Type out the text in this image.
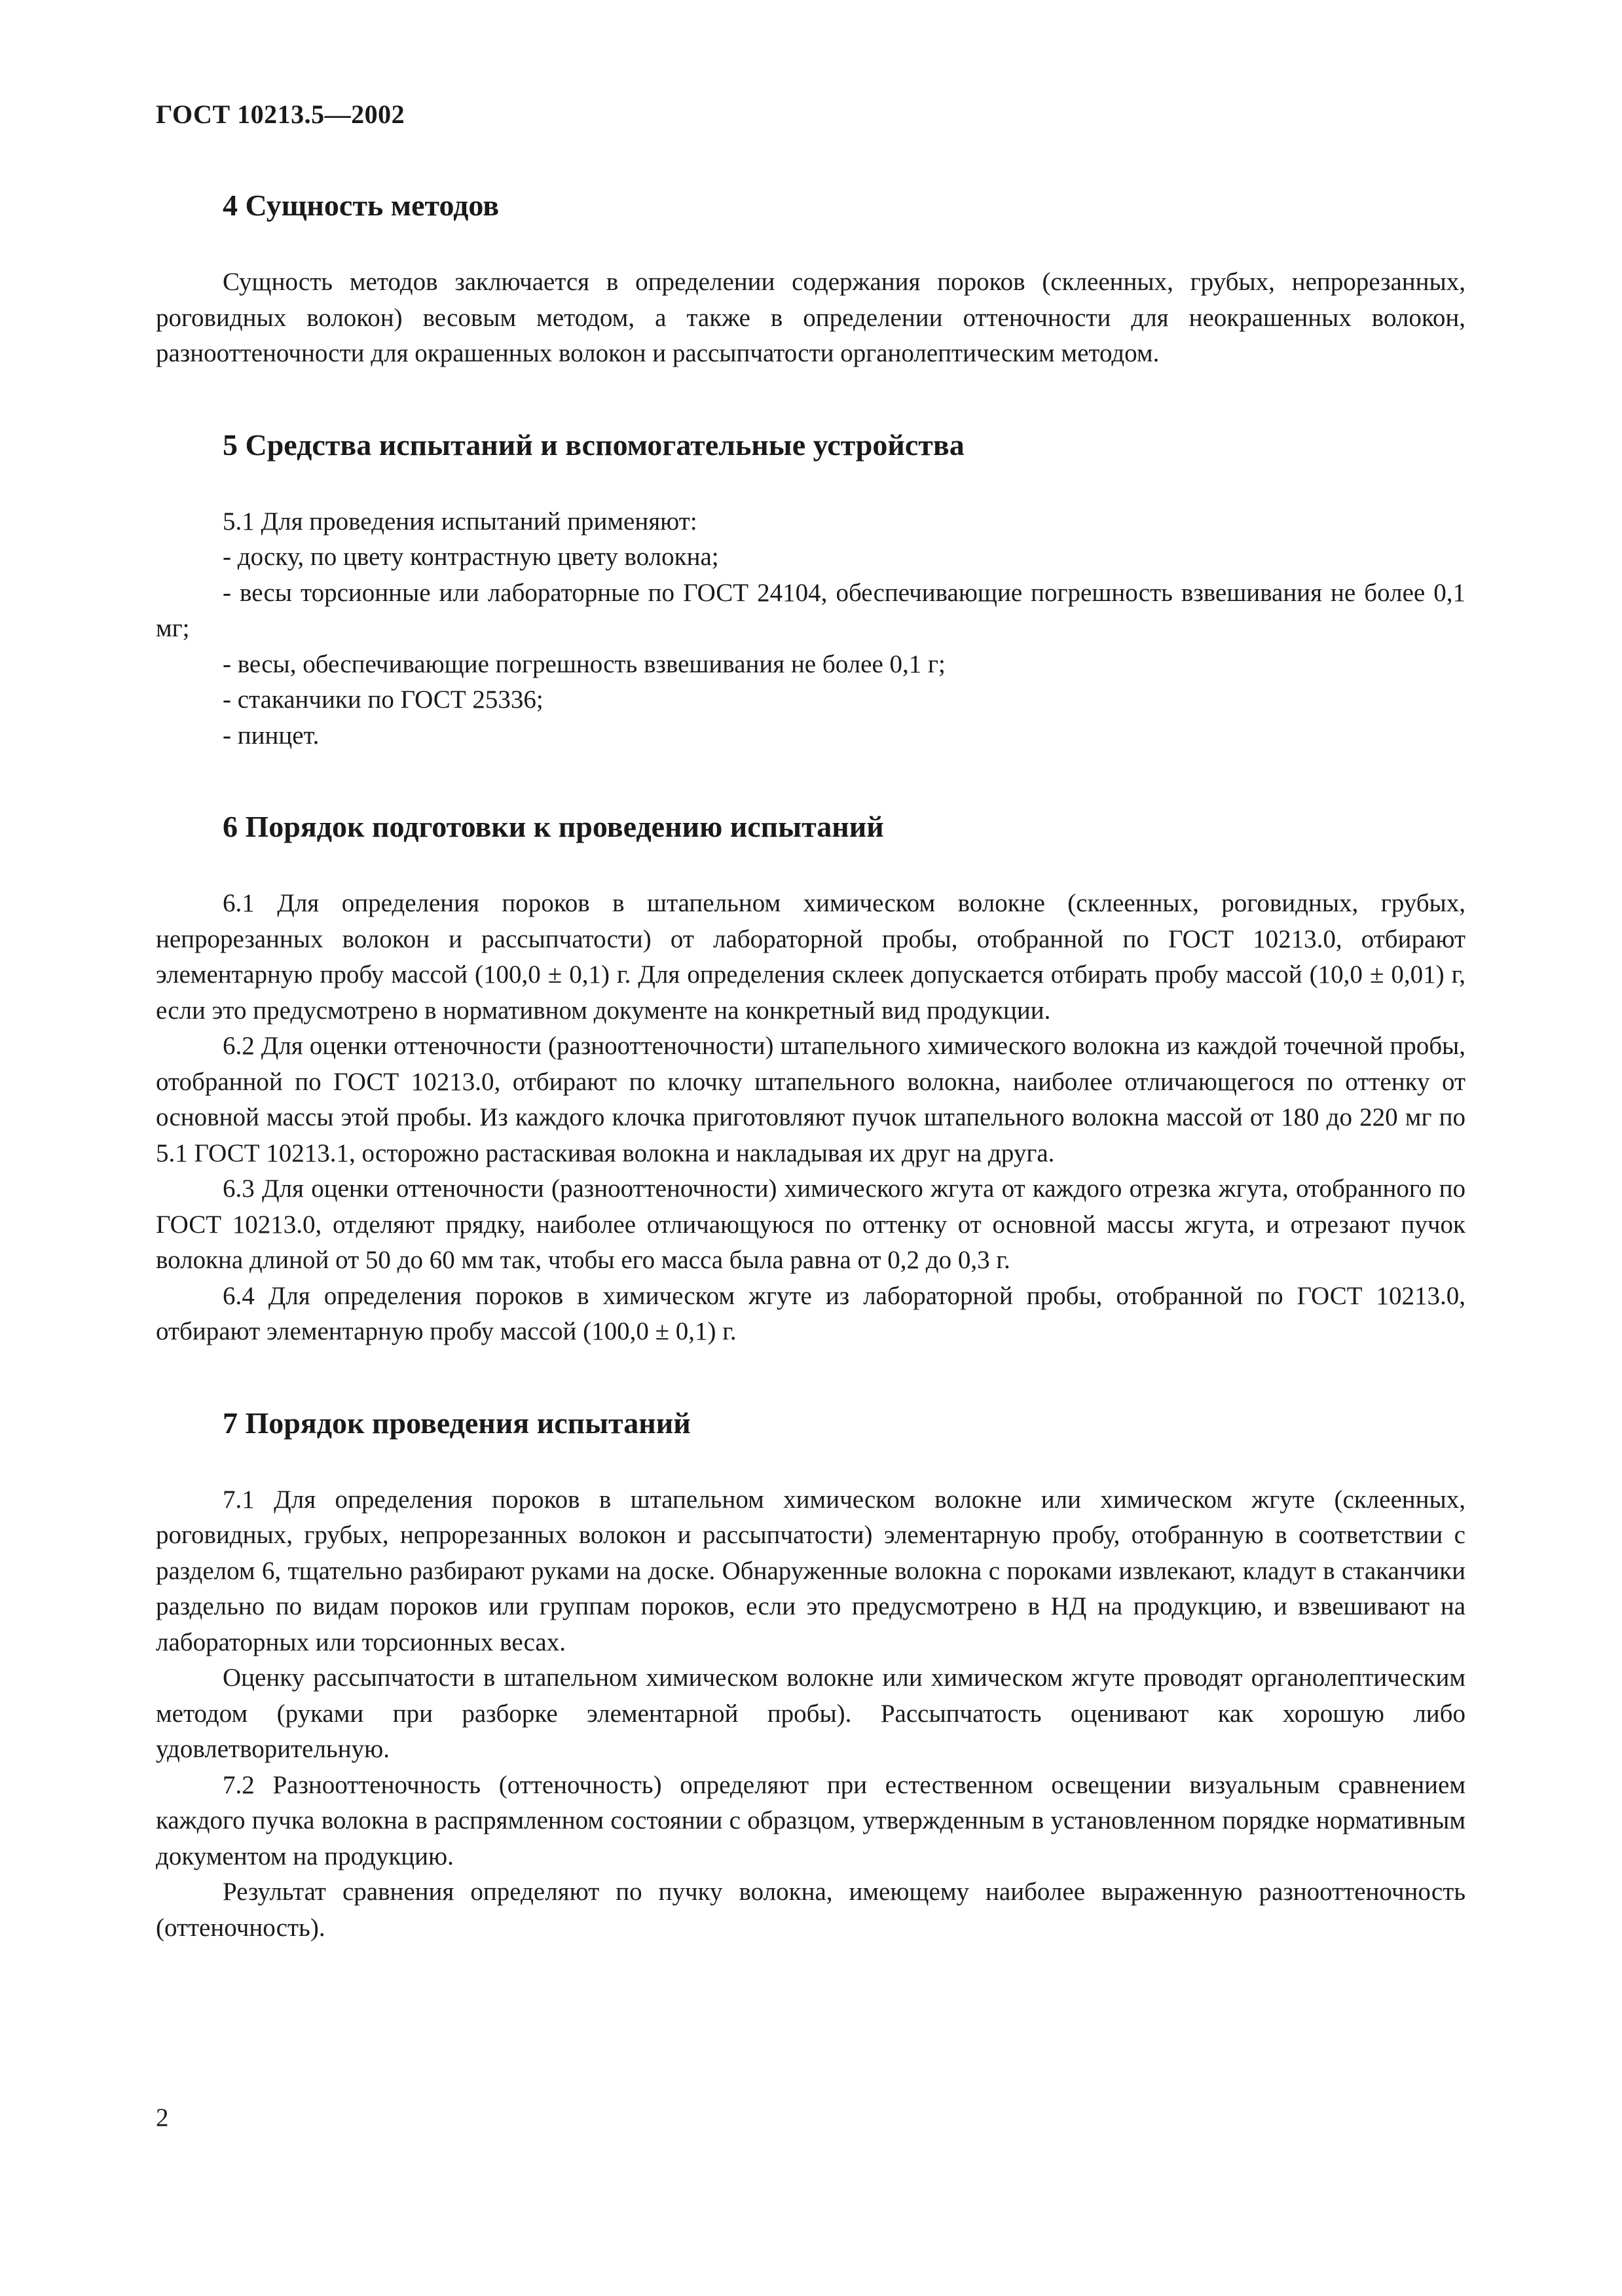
ГОСТ 10213.5—2002
4 Сущность методов

Сущность методов заключается в определении содержания пороков (склеенных, грубых, непрорезанных, роговидных волокон) весовым методом, а также в определении оттеночности для неокрашенных волокон, разнооттеночности для окрашенных волокон и рассыпчатости органолептическим методом.

5 Средства испытаний и вспомогательные устройства

5.1 Для проведения испытаний применяют:

- доску, по цвету контрастную цвету волокна;

- весы торсионные или лабораторные по ГОСТ 24104, обеспечивающие погрешность взвешивания не более 0,1 мг;

- весы, обеспечивающие погрешность взвешивания не более 0,1 г;

- стаканчики по ГОСТ 25336;

- пинцет.

6 Порядок подготовки к проведению испытаний

6.1 Для определения пороков в штапельном химическом волокне (склеенных, роговидных, грубых, непрорезанных волокон и рассыпчатости) от лабораторной пробы, отобранной по ГОСТ 10213.0, отбирают элементарную пробу массой (100,0 ± 0,1) г. Для определения склеек допускается отбирать пробу массой (10,0 ± 0,01) г, если это предусмотрено в нормативном документе на конкретный вид продукции.

6.2 Для оценки оттеночности (разнооттеночности) штапельного химического волокна из каждой точечной пробы, отобранной по ГОСТ 10213.0, отбирают по клочку штапельного волокна, наиболее отличающегося по оттенку от основной массы этой пробы. Из каждого клочка приготовляют пучок штапельного волокна массой от 180 до 220 мг по 5.1 ГОСТ 10213.1, осторожно растаскивая волокна и накладывая их друг на друга.

6.3 Для оценки оттеночности (разнооттеночности) химического жгута от каждого отрезка жгута, отобранного по ГОСТ 10213.0, отделяют прядку, наиболее отличающуюся по оттенку от основной массы жгута, и отрезают пучок волокна длиной от 50 до 60 мм так, чтобы его масса была равна от 0,2 до 0,3 г.

6.4 Для определения пороков в химическом жгуте из лабораторной пробы, отобранной по ГОСТ 10213.0, отбирают элементарную пробу массой (100,0 ± 0,1) г.

7 Порядок проведения испытаний

7.1 Для определения пороков в штапельном химическом волокне или химическом жгуте (склеенных, роговидных, грубых, непрорезанных волокон и рассыпчатости) элементарную пробу, отобранную в соответствии с разделом 6, тщательно разбирают руками на доске. Обнаруженные волокна с пороками извлекают, кладут в стаканчики раздельно по видам пороков или группам пороков, если это предусмотрено в НД на продукцию, и взвешивают на лабораторных или торсионных весах.

Оценку рассыпчатости в штапельном химическом волокне или химическом жгуте проводят органолептическим методом (руками при разборке элементарной пробы). Рассыпчатость оценивают как хорошую либо удовлетворительную.

7.2 Разнооттеночность (оттеночность) определяют при естественном освещении визуальным сравнением каждого пучка волокна в распрямленном состоянии с образцом, утвержденным в установленном порядке нормативным документом на продукцию.

Результат сравнения определяют по пучку волокна, имеющему наиболее выраженную разнооттеночность (оттеночность).

2
